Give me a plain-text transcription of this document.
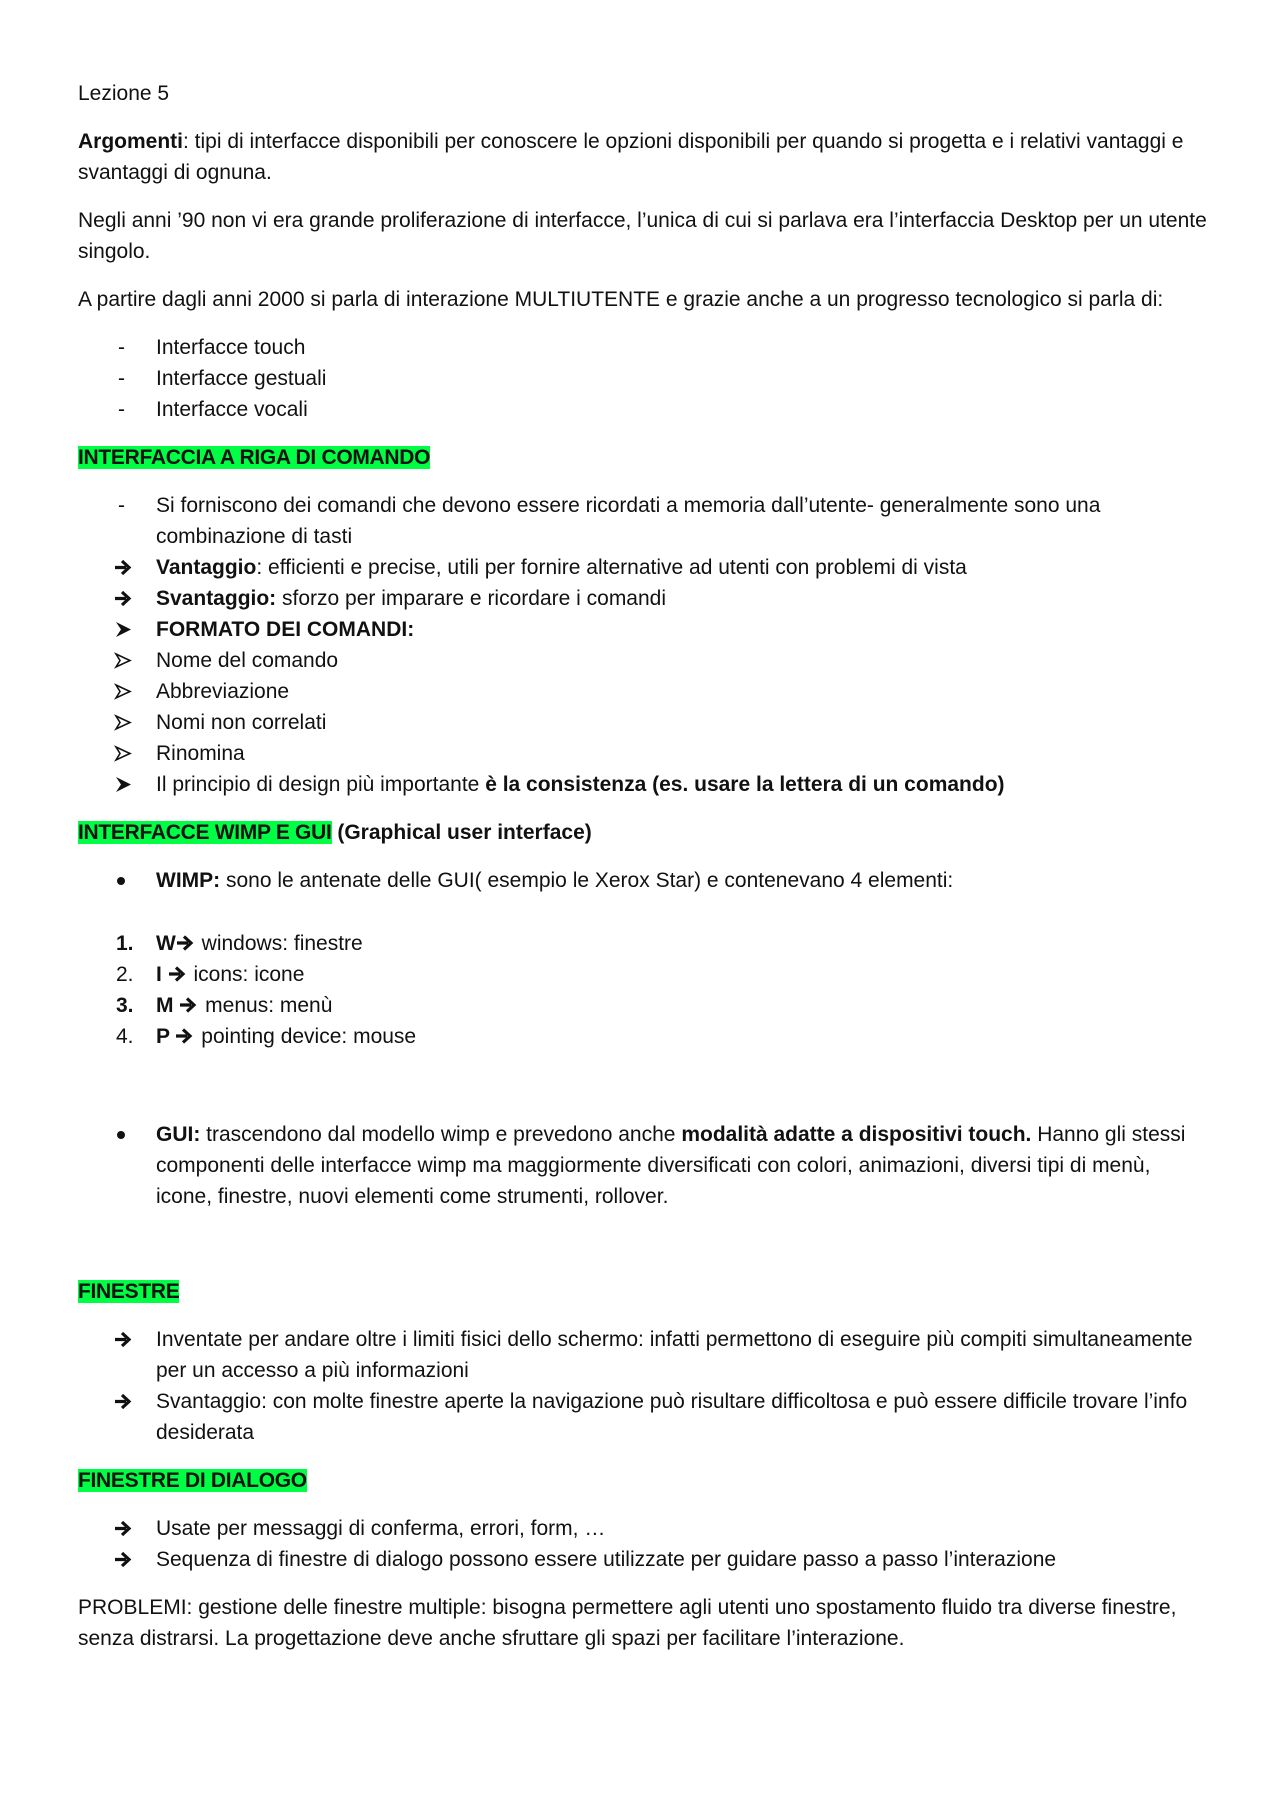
Lezione 5

Argomenti: tipi di interfacce disponibili per conoscere le opzioni disponibili per quando si progetta e i relativi vantaggi e svantaggi di ognuna.

Negli anni ’90 non vi era grande proliferazione di interfacce, l’unica di cui si parlava era l’interfaccia Desktop per un utente singolo.

A partire dagli anni 2000 si parla di interazione MULTIUTENTE e grazie anche a un progresso tecnologico si parla di:

-	Interfacce touch
-	Interfacce gestuali
-	Interfacce vocali

INTERFACCIA A RIGA DI COMANDO

-	Si forniscono dei comandi che devono essere ricordati a memoria dall’utente- generalmente sono una combinazione di tasti
Vantaggio: efficienti e precise, utili per fornire alternative ad utenti con problemi di vista
Svantaggio: sforzo per imparare e ricordare i comandi
FORMATO DEI COMANDI:
Nome del comando
Abbreviazione
Nomi non correlati
Rinomina
Il principio di design più importante è la consistenza (es. usare la lettera di un comando)

INTERFACCE WIMP E GUI (Graphical user interface)

WIMP: sono le antenate delle GUI( esempio le Xerox Star) e contenevano 4 elementi:
1.	W windows: finestre
2.	I  icons: icone
3.	M  menus: menù
4.	P  pointing device: mouse
GUI: trascendono dal modello wimp e prevedono anche modalità adatte a dispositivi touch. Hanno gli stessi componenti delle interfacce wimp ma maggiormente diversificati con colori, animazioni, diversi tipi di menù, icone, finestre, nuovi elementi come strumenti, rollover.

FINESTRE

Inventate per andare oltre i limiti fisici dello schermo: infatti permettono di eseguire più compiti simultaneamente per un accesso a più informazioni
Svantaggio: con molte finestre aperte la navigazione può risultare difficoltosa e può essere difficile trovare l’info desiderata

FINESTRE DI DIALOGO

Usate per messaggi di conferma, errori, form, …
Sequenza di finestre di dialogo possono essere utilizzate per guidare passo a passo l’interazione

PROBLEMI: gestione delle finestre multiple: bisogna permettere agli utenti uno spostamento fluido tra diverse finestre, senza distrarsi. La progettazione deve anche sfruttare gli spazi per facilitare l’interazione.
